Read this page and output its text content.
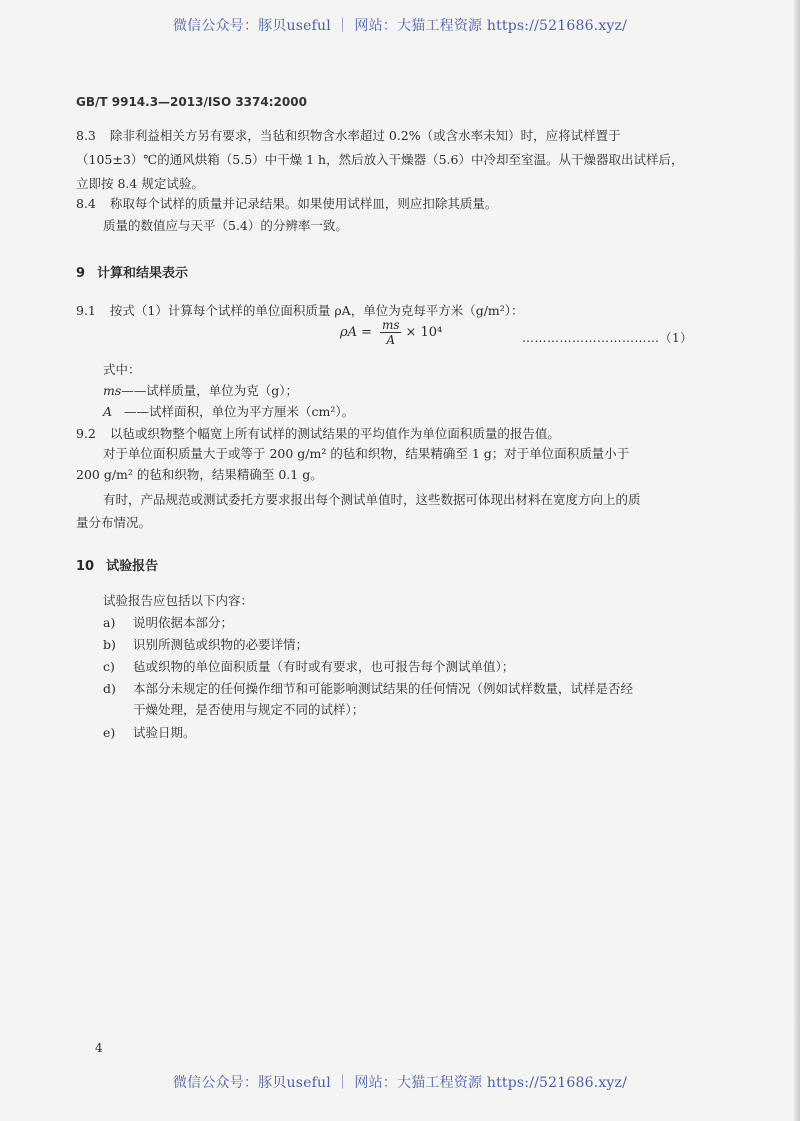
微信公众号：豚贝useful ｜ 网站：大猫工程资源 https://521686.xyz/
GB/T 9914.3—2013/ISO 3374:2000
8.3 除非利益相关方另有要求，当毡和织物含水率超过 0.2%（或含水率未知）时，应将试样置于
（105±3）℃的通风烘箱（5.5）中干燥 1 h，然后放入干燥器（5.6）中冷却至室温。从干燥器取出试样后，
立即按 8.4 规定试验。
8.4 称取每个试样的质量并记录结果。如果使用试样皿，则应扣除其质量。
质量的数值应与天平（5.4）的分辨率一致。
9 计算和结果表示
9.1 按式（1）计算每个试样的单位面积质量 ρA，单位为克每平方米（g/m²）：
$\rho A = \frac{ms}{A} \times 10^4$	……………………………（1）
式中：
ms——试样质量，单位为克（g）；
A ——试样面积，单位为平方厘米（cm²）。
9.2 以毡或织物整个幅宽上所有试样的测试结果的平均值作为单位面积质量的报告值。
对于单位面积质量大于或等于 200 g/m² 的毡和织物，结果精确至 1 g；对于单位面积质量小于
200 g/m² 的毡和织物，结果精确至 0.1 g。
有时，产品规范或测试委托方要求报出每个测试单值时，这些数据可体现出材料在宽度方向上的质
量分布情况。
10 试验报告
试验报告应包括以下内容：
a) 说明依据本部分；
b) 识别所测毡或织物的必要详情；
c) 毡或织物的单位面积质量（有时或有要求，也可报告每个测试单值）；
d) 本部分未规定的任何操作细节和可能影响测试结果的任何情况（例如试样数量，试样是否经
干燥处理，是否使用与规定不同的试样）；
e) 试验日期。
4
微信公众号：豚贝useful ｜ 网站：大猫工程资源 https://521686.xyz/
